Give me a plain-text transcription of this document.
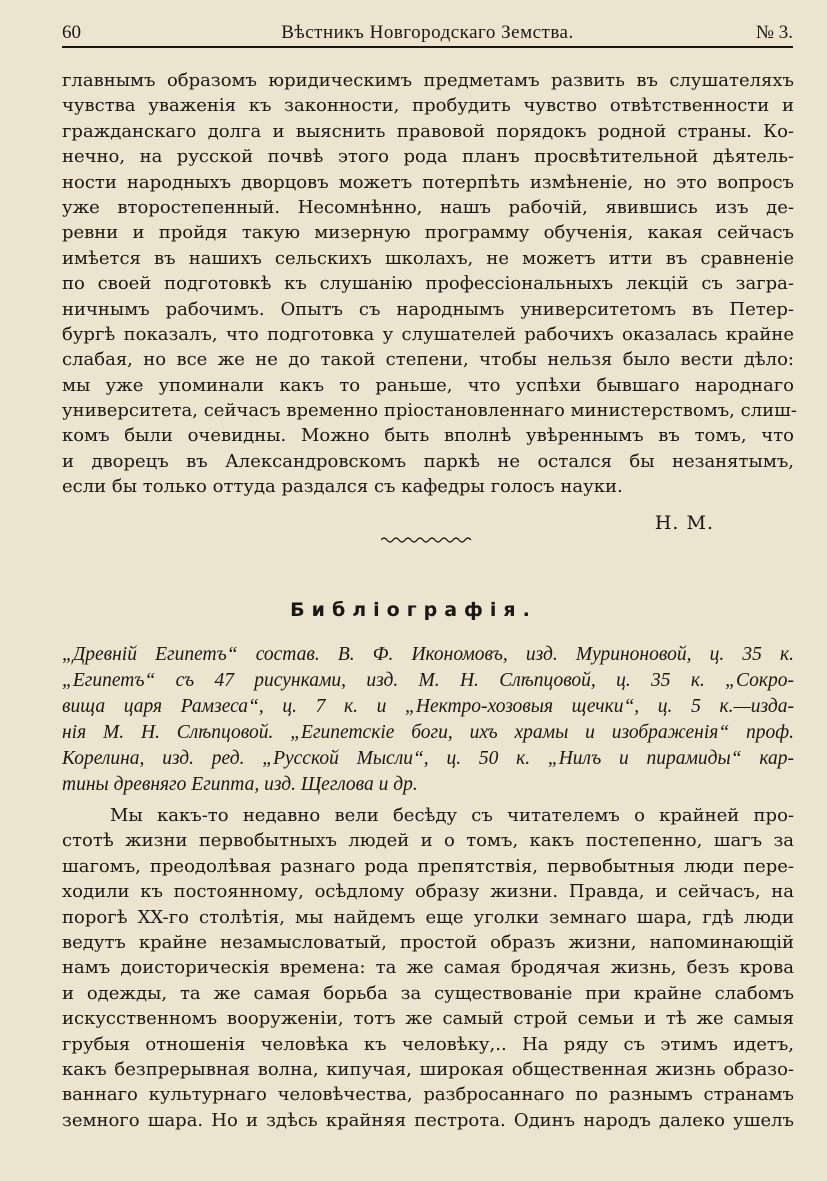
60	Вѣстникъ Новгородскаго Земства.	№ 3.
главнымъ образомъ юридическимъ предметамъ развить въ слушателяхъ
чувства уваженія къ законности, пробудить чувство отвѣтственности и
гражданскаго долга и выяснить правовой порядокъ родной страны. Ко-
нечно, на русской почвѣ этого рода планъ просвѣтительной дѣятель-
ности народныхъ дворцовъ можетъ потерпѣть измѣненіе, но это вопросъ
уже второстепенный. Несомнѣнно, нашъ рабочій, явившись изъ де-
ревни и пройдя такую мизерную программу обученія, какая сейчасъ
имѣется въ нашихъ сельскихъ школахъ, не можетъ итти въ сравненіе
по своей подготовкѣ къ слушанію профессіональныхъ лекцій съ загра-
ничнымъ рабочимъ. Опытъ съ народнымъ университетомъ въ Петер-
бургѣ показалъ, что подготовка у слушателей рабочихъ оказалась крайне
слабая, но все же не до такой степени, чтобы нельзя было вести дѣло:
мы уже упоминали какъ то раньше, что успѣхи бывшаго народнаго
университета, сейчасъ временно пріостановленнаго министерствомъ, слиш-
комъ были очевидны. Можно быть вполнѣ увѣреннымъ въ томъ, что
и дворецъ въ Александровскомъ паркѣ не остался бы незанятымъ,
если бы только оттуда раздался съ кафедры голосъ науки.
Н. М.
Библіографія.
„Древній Египетъ“ состав. В. Ф. Икономовъ, изд. Муриноновой, ц. 35 к.
„Египетъ“ съ 47 рисунками, изд. М. Н. Слѣпцовой, ц. 35 к. „Сокро-
вища царя Рамзеса“, ц. 7 к. и „Нектро-хозовыя щечки“, ц. 5 к.—изда-
нія М. Н. Слѣпцовой. „Египетскіе боги, ихъ храмы и изображенія“ проф.
Корелина, изд. ред. „Русской Мысли“, ц. 50 к. „Нилъ и пирамиды“ кар-
тины древняго Египта, изд. Щеглова и др.
Мы какъ-то недавно вели бесѣду съ читателемъ о крайней про-
стотѣ жизни первобытныхъ людей и о томъ, какъ постепенно, шагъ за
шагомъ, преодолѣвая разнаго рода препятствія, первобытныя люди пере-
ходили къ постоянному, осѣдлому образу жизни. Правда, и сейчасъ, на
порогѣ XX-го столѣтія, мы найдемъ еще уголки земнаго шара, гдѣ люди
ведутъ крайне незамысловатый, простой образъ жизни, напоминающій
намъ доисторическія времена: та же самая бродячая жизнь, безъ крова
и одежды, та же самая борьба за существованіе при крайне слабомъ
искусственномъ вооруженіи, тотъ же самый строй семьи и тѣ же самыя
грубыя отношенія человѣка къ человѣку,.. На ряду съ этимъ идетъ,
какъ безпрерывная волна, кипучая, широкая общественная жизнь образо-
ваннаго культурнаго человѣчества, разбросаннаго по разнымъ странамъ
земного шара. Но и здѣсь крайняя пестрота. Одинъ народъ далеко ушелъ
